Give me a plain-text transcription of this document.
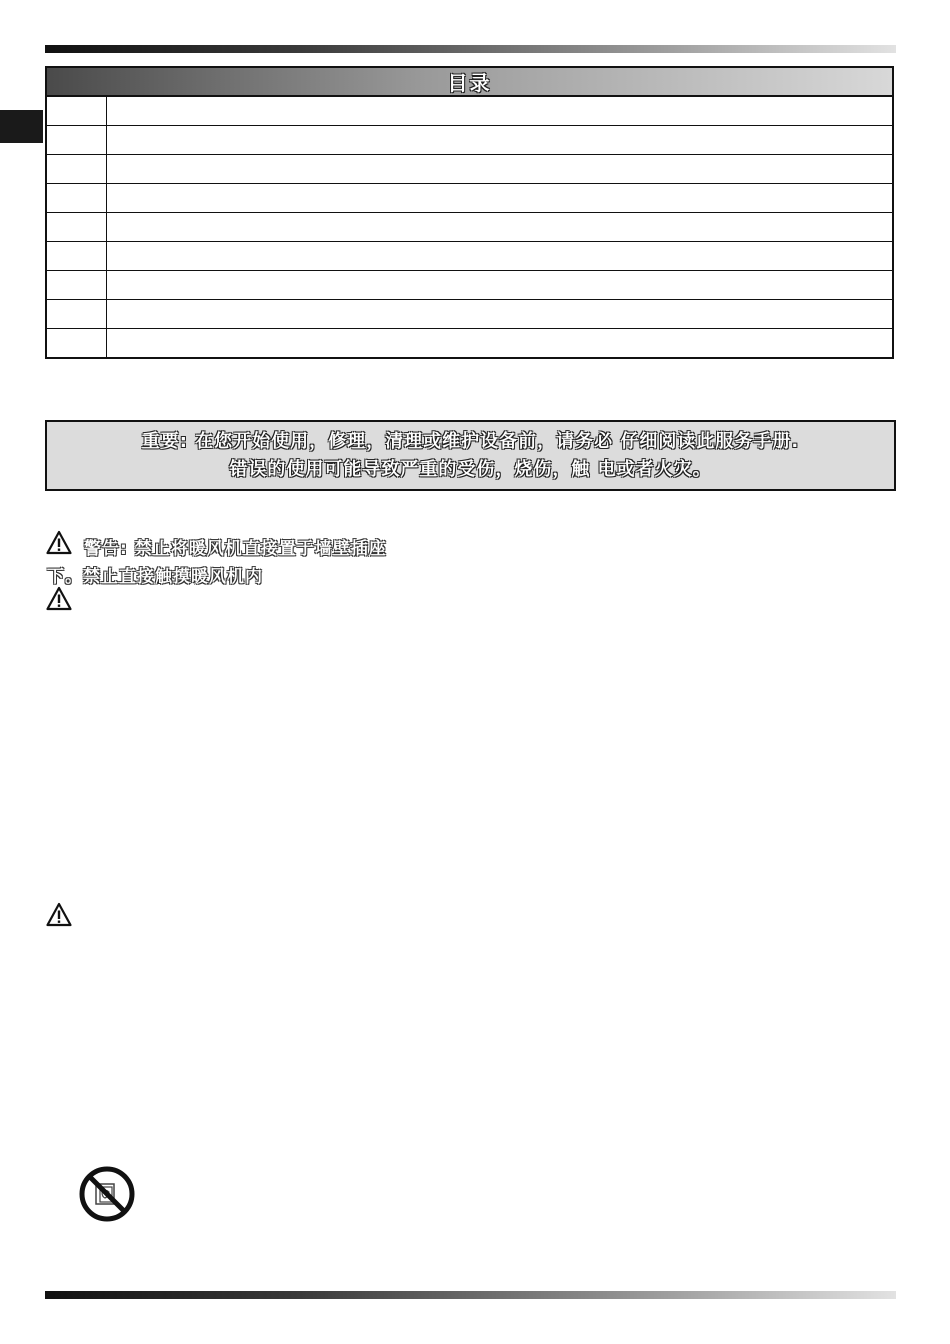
目录
重要: 在您开始使用，修理，清理或维护设备前，请务必 仔细阅读此服务手册.
错误的使用可能导致严重的受伤，烧伤，触 电或者火灾。
警告: 禁止将暖风机直接置于墙壁插座
下。禁止直接触摸暖风机内
